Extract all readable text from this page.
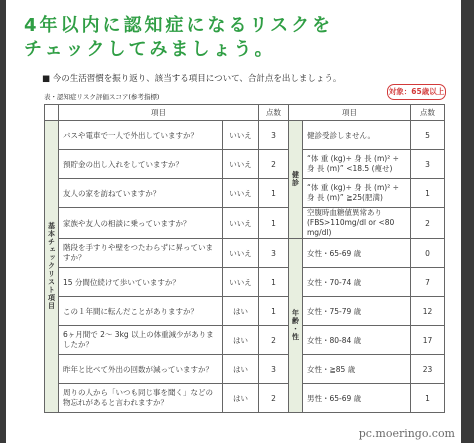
4年以内に認知症になるリスクを
チェックしてみましょう。
■ 今の生活習慣を振り返り、該当する項目について、合計点を出しましょう。
表・認知症リスク評価スコア(参考指標)
対象：65歳以上
	項目		点数	項目		点数
基本チェックリスト項目	バスや電車で一人で外出していますか？	いいえ	3	健診	健診受診しません。	5
	預貯金の出し入れをしていますか？	いいえ	2		“体 重 (kg)÷ 身 長 (m)² ÷ 身 長 (m)” <18.5 (痩せ)	3
	友人の家を訪ねていますか？	いいえ	1		“体 重 (kg)÷ 身 長 (m)² ÷ 身 長 (m)” ≧25(肥満)	1
	家族や友人の相談に乗っていますか？	いいえ	1		空腹時血糖値異常あり (FBS>110mg/dl or <80 mg/dl)	2
	階段を手すりや壁をつたわらずに昇っていますか？	いいえ	3	年齢・性	女性・65-69 歳	0
	15 分間位続けて歩いていますか？	いいえ	1		女性・70-74 歳	7
	この１年間に転んだことがありますか？	はい	1		女性・75-79 歳	12
	6ヶ月間で 2〜 3kg 以上の体重減少がありましたか？	はい	2		女性・80-84 歳	17
	昨年と比べて外出の回数が減っていますか？	はい	3		女性・≧85 歳	23
	周りの人から「いつも同じ事を聞く」などの物忘れがあると言われますか？	はい	2		男性・65-69 歳	1
pc.moeringo.com
